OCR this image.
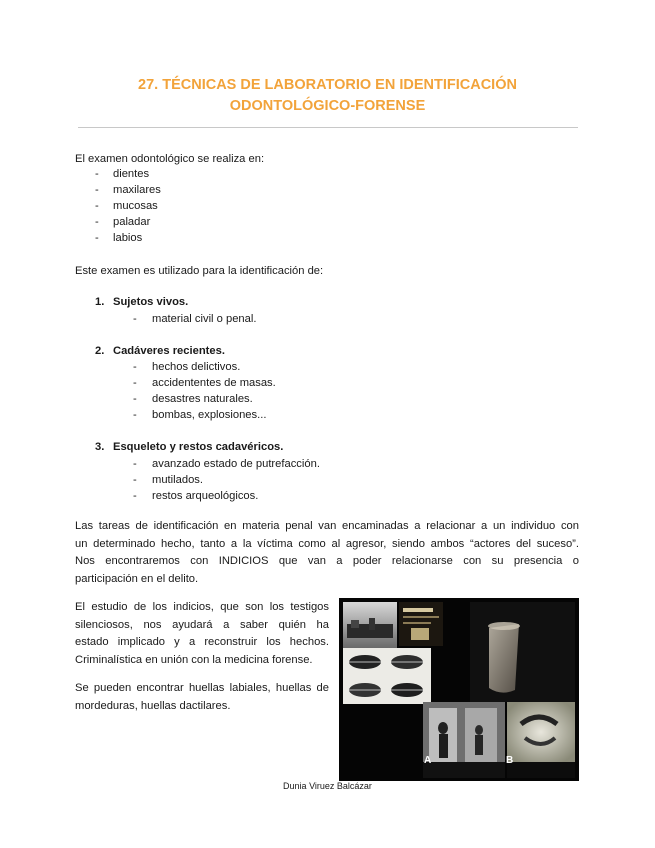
27. TÉCNICAS DE LABORATORIO EN IDENTIFICACIÓN
ODONTOLÓGICO-FORENSE
El examen odontológico se realiza en:
- dientes
- maxilares
- mucosas
- paladar
- labios
Este examen es utilizado para la identificación de:
1. Sujetos vivos.
- material civil o penal.
2. Cadáveres recientes.
- hechos delictivos.
- accidententes de masas.
- desastres naturales.
- bombas, explosiones...
3. Esqueleto y restos cadavéricos.
- avanzado estado de putrefacción.
- mutilados.
- restos arqueológicos.
Las tareas de identificación en materia penal van encaminadas a relacionar a un individuo con
un determinado hecho, tanto a la víctima como al agresor, siendo ambos “actores del suceso”.
Nos encontraremos con INDICIOS que van a poder relacionarse con su presencia o
participación en el delito.
El estudio de los indicios, que son los testigos
silenciosos, nos ayudará a saber quién ha
estado implicado y a reconstruir los hechos.
Criminalística en unión con la medicina forense.
Se pueden encontrar huellas labiales, huellas de
mordeduras, huellas dactilares.
A	B
Dunia Viruez Balcázar
